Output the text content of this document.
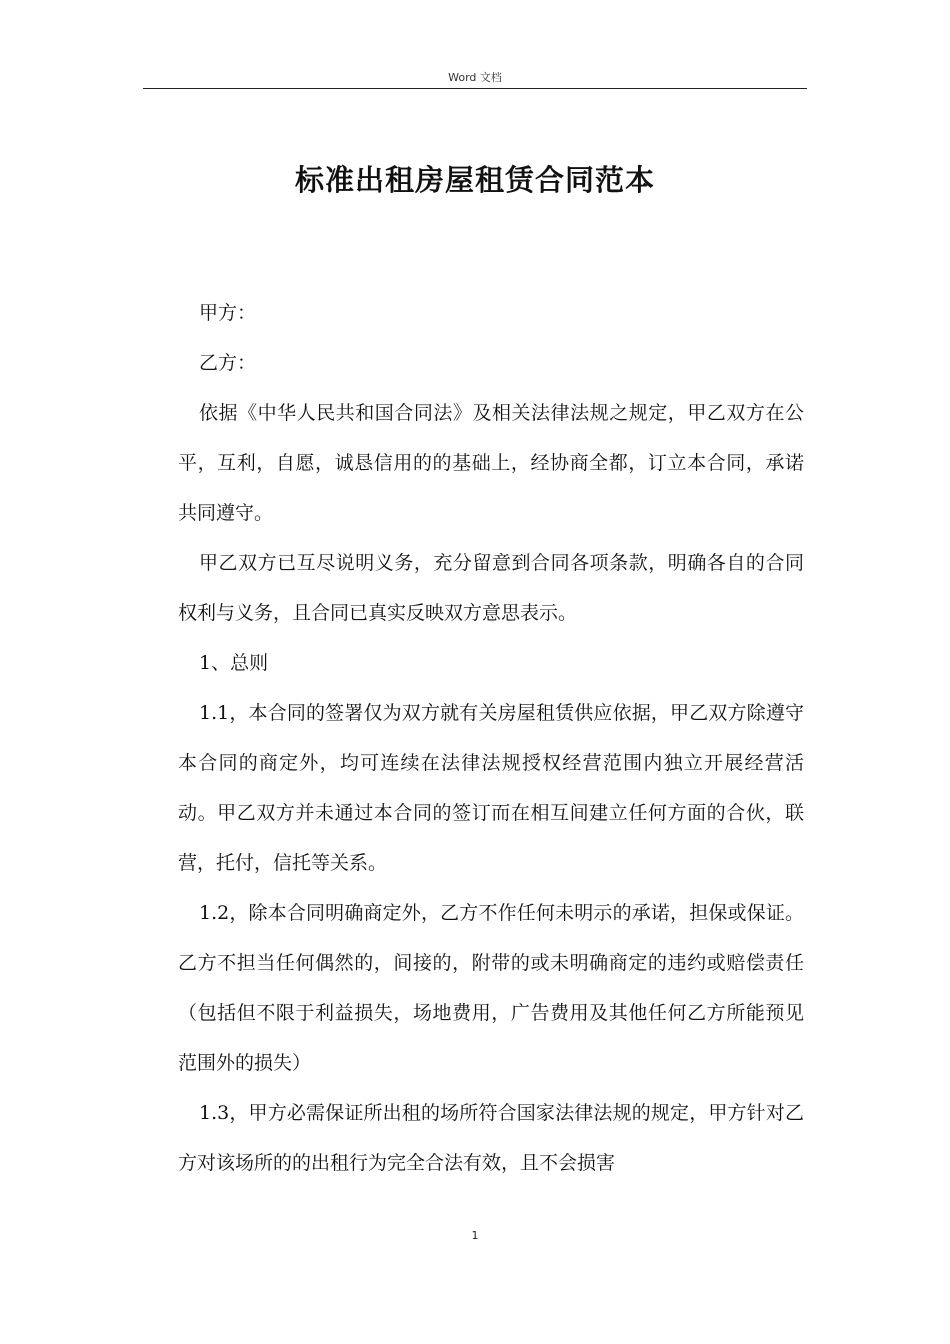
Word 文档
标准出租房屋租赁合同范本

甲方：

乙方：

依据《中华人民共和国合同法》及相关法律法规之规定，甲乙双方在公平，互利，自愿，诚恳信用的的基础上，经协商全都，订立本合同，承诺共同遵守。

甲乙双方已互尽说明义务，充分留意到合同各项条款，明确各自的合同权利与义务，且合同已真实反映双方意思表示。

1、总则

1.1，本合同的签署仅为双方就有关房屋租赁供应依据，甲乙双方除遵守本合同的商定外，均可连续在法律法规授权经营范围内独立开展经营活动。甲乙双方并未通过本合同的签订而在相互间建立任何方面的合伙，联营，托付，信托等关系。

1.2，除本合同明确商定外，乙方不作任何未明示的承诺，担保或保证。乙方不担当任何偶然的，间接的，附带的或未明确商定的违约或赔偿责任（包括但不限于利益损失，场地费用，广告费用及其他任何乙方所能预见范围外的损失）

1.3，甲方必需保证所出租的场所符合国家法律法规的规定，甲方针对乙方对该场所的的出租行为完全合法有效，且不会损害

1
